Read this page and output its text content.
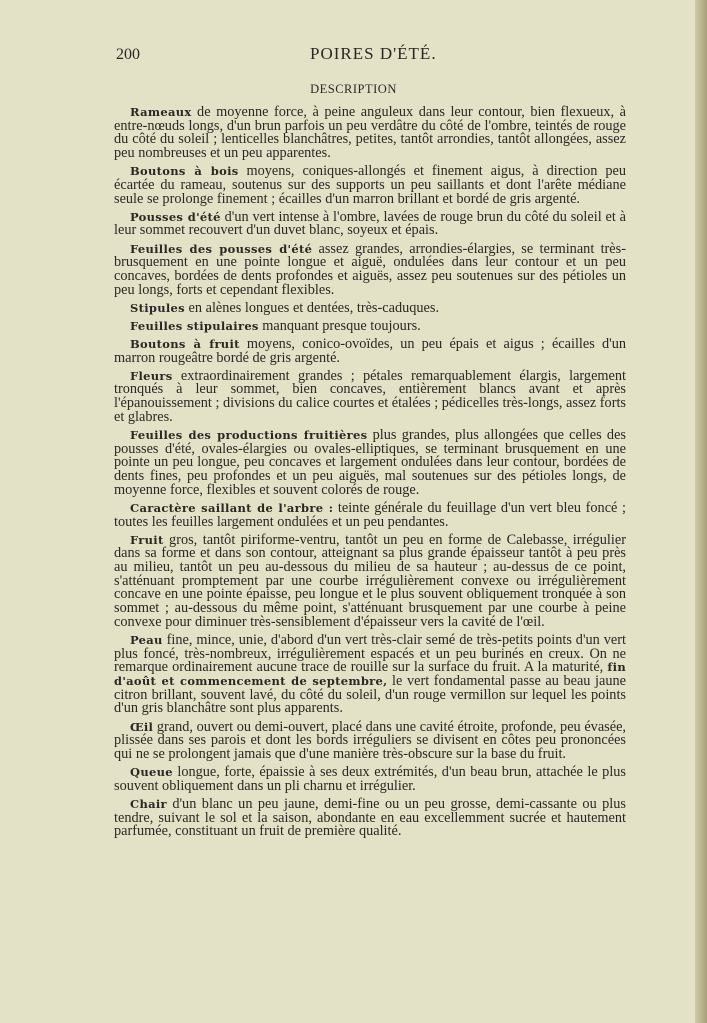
200	POIRES D'ÉTÉ.
DESCRIPTION

Rameaux de moyenne force, à peine anguleux dans leur contour, bien flexueux, à entre-nœuds longs, d'un brun parfois un peu verdâtre du côté de l'ombre, teintés de rouge du côté du soleil ; lenticelles blanchâtres, petites, tantôt arrondies, tantôt allongées, assez peu nombreuses et un peu apparentes.

Boutons à bois moyens, coniques-allongés et finement aigus, à direction peu écartée du rameau, soutenus sur des supports un peu saillants et dont l'arête médiane seule se prolonge finement ; écailles d'un marron brillant et bordé de gris argenté.

Pousses d'été d'un vert intense à l'ombre, lavées de rouge brun du côté du soleil et à leur sommet recouvert d'un duvet blanc, soyeux et épais.

Feuilles des pousses d'été assez grandes, arrondies-élargies, se terminant très-brusquement en une pointe longue et aiguë, ondulées dans leur contour et un peu concaves, bordées de dents profondes et aiguës, assez peu soutenues sur des pétioles un peu longs, forts et cependant flexibles.

Stipules en alènes longues et dentées, très-caduques.

Feuilles stipulaires manquant presque toujours.

Boutons à fruit moyens, conico-ovoïdes, un peu épais et aigus ; écailles d'un marron rougeâtre bordé de gris argenté.

Fleurs extraordinairement grandes ; pétales remarquablement élargis, largement tronqués à leur sommet, bien concaves, entièrement blancs avant et après l'épanouissement ; divisions du calice courtes et étalées ; pédicelles très-longs, assez forts et glabres.

Feuilles des productions fruitières plus grandes, plus allongées que celles des pousses d'été, ovales-élargies ou ovales-elliptiques, se terminant brusquement en une pointe un peu longue, peu concaves et largement ondulées dans leur contour, bordées de dents fines, peu profondes et un peu aiguës, mal soutenues sur des pétioles longs, de moyenne force, flexibles et souvent colorés de rouge.

Caractère saillant de l'arbre : teinte générale du feuillage d'un vert bleu foncé ; toutes les feuilles largement ondulées et un peu pendantes.

Fruit gros, tantôt piriforme-ventru, tantôt un peu en forme de Calebasse, irrégulier dans sa forme et dans son contour, atteignant sa plus grande épaisseur tantôt à peu près au milieu, tantôt un peu au-dessous du milieu de sa hauteur ; au-dessus de ce point, s'atténuant promptement par une courbe irrégulièrement convexe ou irrégulièrement concave en une pointe épaisse, peu longue et le plus souvent obliquement tronquée à son sommet ; au-dessous du même point, s'atténuant brusquement par une courbe à peine convexe pour diminuer très-sensiblement d'épaisseur vers la cavité de l'œil.

Peau fine, mince, unie, d'abord d'un vert très-clair semé de très-petits points d'un vert plus foncé, très-nombreux, irrégulièrement espacés et un peu burinés en creux. On ne remarque ordinairement aucune trace de rouille sur la surface du fruit. A la maturité, fin d'août et commencement de septembre, le vert fondamental passe au beau jaune citron brillant, souvent lavé, du côté du soleil, d'un rouge vermillon sur lequel les points d'un gris blanchâtre sont plus apparents.

Œil grand, ouvert ou demi-ouvert, placé dans une cavité étroite, profonde, peu évasée, plissée dans ses parois et dont les bords irréguliers se divisent en côtes peu prononcées qui ne se prolongent jamais que d'une manière très-obscure sur la base du fruit.

Queue longue, forte, épaissie à ses deux extrémités, d'un beau brun, attachée le plus souvent obliquement dans un pli charnu et irrégulier.

Chair d'un blanc un peu jaune, demi-fine ou un peu grosse, demi-cassante ou plus tendre, suivant le sol et la saison, abondante en eau excellemment sucrée et hautement parfumée, constituant un fruit de première qualité.
